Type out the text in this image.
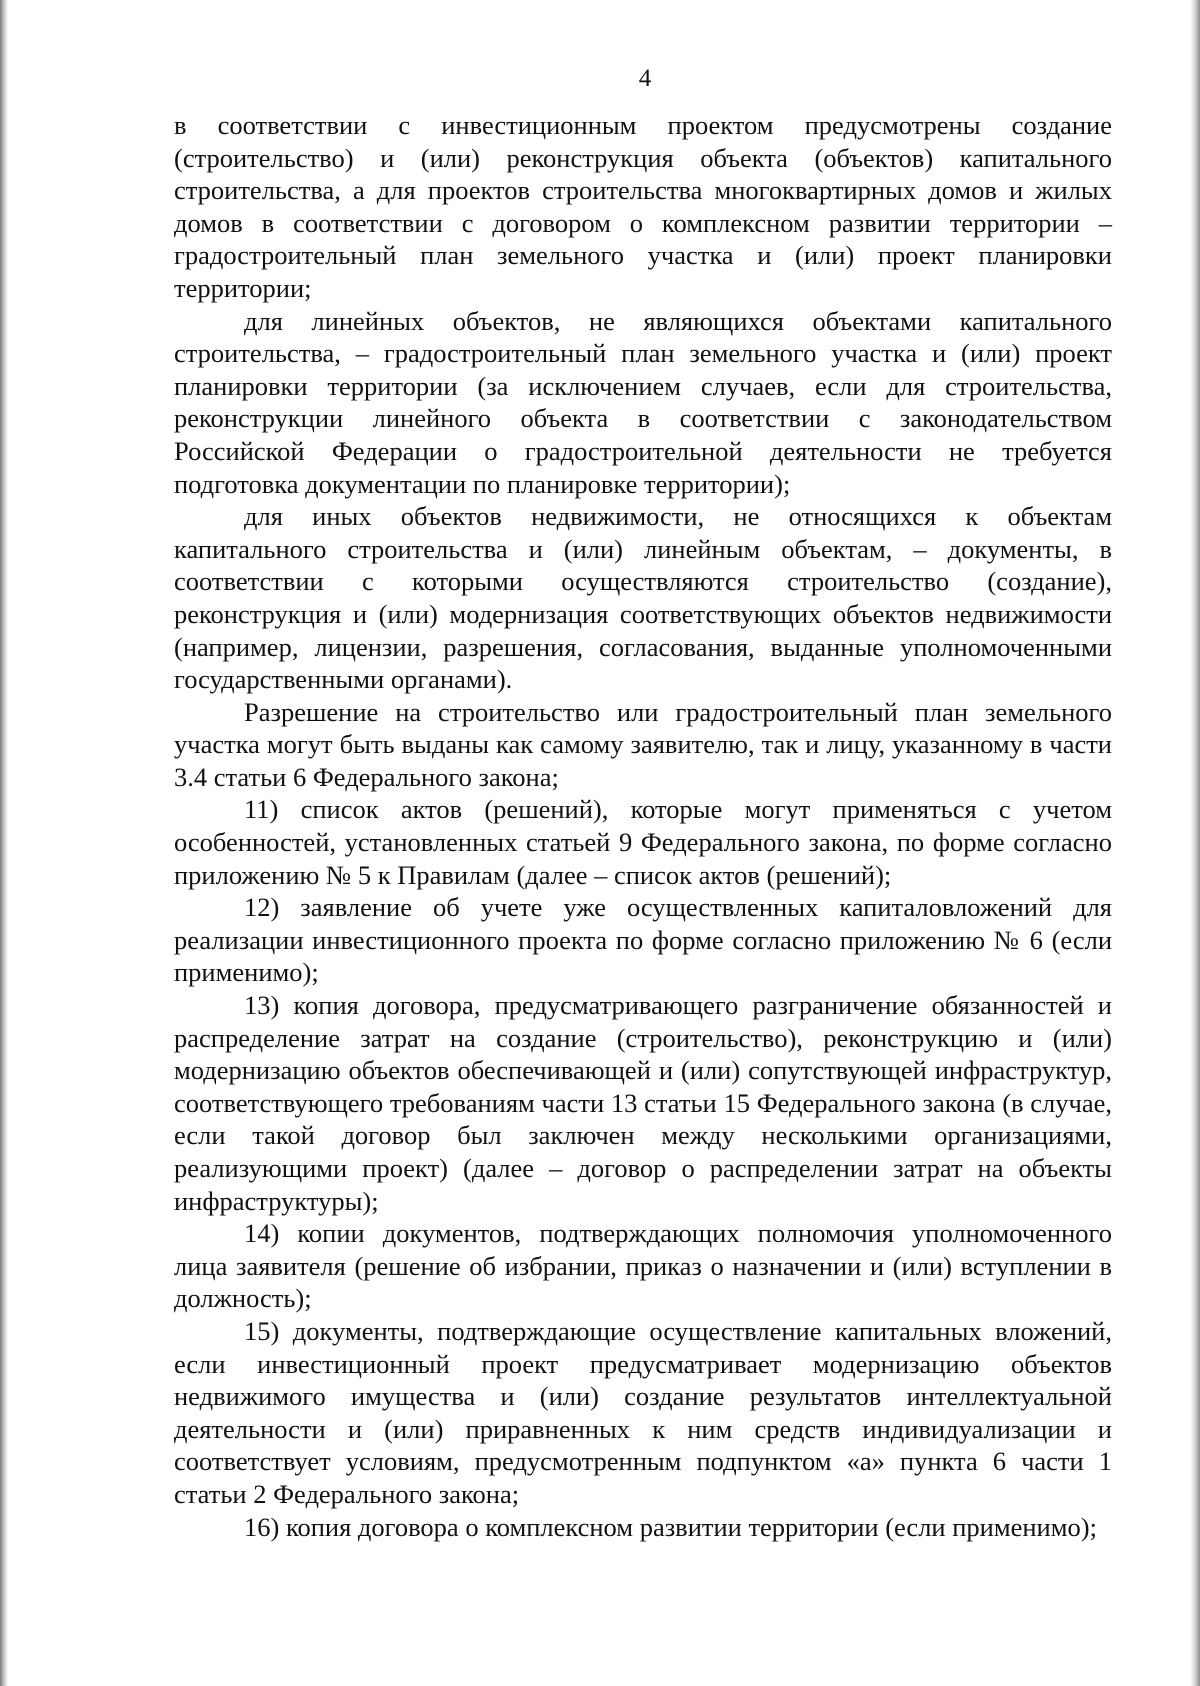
4

в соответствии с инвестиционным проектом предусмотрены создание (строительство) и (или) реконструкция объекта (объектов) капитального строительства, а для проектов строительства многоквартирных домов и жилых домов в соответствии с договором о комплексном развитии территории – градостроительный план земельного участка и (или) проект планировки территории;

для линейных объектов, не являющихся объектами капитального строительства, – градостроительный план земельного участка и (или) проект планировки территории (за исключением случаев, если для строительства, реконструкции линейного объекта в соответствии с законодательством Российской Федерации о градостроительной деятельности не требуется подготовка документации по планировке территории);

для иных объектов недвижимости, не относящихся к объектам капитального строительства и (или) линейным объектам, – документы, в соответствии с которыми осуществляются строительство (создание), реконструкция и (или) модернизация соответствующих объектов недвижимости (например, лицензии, разрешения, согласования, выданные уполномоченными государственными органами).

Разрешение на строительство или градостроительный план земельного участка могут быть выданы как самому заявителю, так и лицу, указанному в части 3.4 статьи 6 Федерального закона;

11) список актов (решений), которые могут применяться с учетом особенностей, установленных статьей 9 Федерального закона, по форме согласно приложению № 5 к Правилам (далее – список актов (решений);

12) заявление об учете уже осуществленных капиталовложений для реализации инвестиционного проекта по форме согласно приложению № 6 (если применимо);

13) копия договора, предусматривающего разграничение обязанностей и распределение затрат на создание (строительство), реконструкцию и (или) модернизацию объектов обеспечивающей и (или) сопутствующей инфраструктур, соответствующего требованиям части 13 статьи 15 Федерального закона (в случае, если такой договор был заключен между несколькими организациями, реализующими проект) (далее – договор о распределении затрат на объекты инфраструктуры);

14) копии документов, подтверждающих полномочия уполномоченного лица заявителя (решение об избрании, приказ о назначении и (или) вступлении в должность);

15) документы, подтверждающие осуществление капитальных вложений, если инвестиционный проект предусматривает модернизацию объектов недвижимого имущества и (или) создание результатов интеллектуальной деятельности и (или) приравненных к ним средств индивидуализации и соответствует условиям, предусмотренным подпунктом «а» пункта 6 части 1 статьи 2 Федерального закона;

16) копия договора о комплексном развитии территории (если применимо);
